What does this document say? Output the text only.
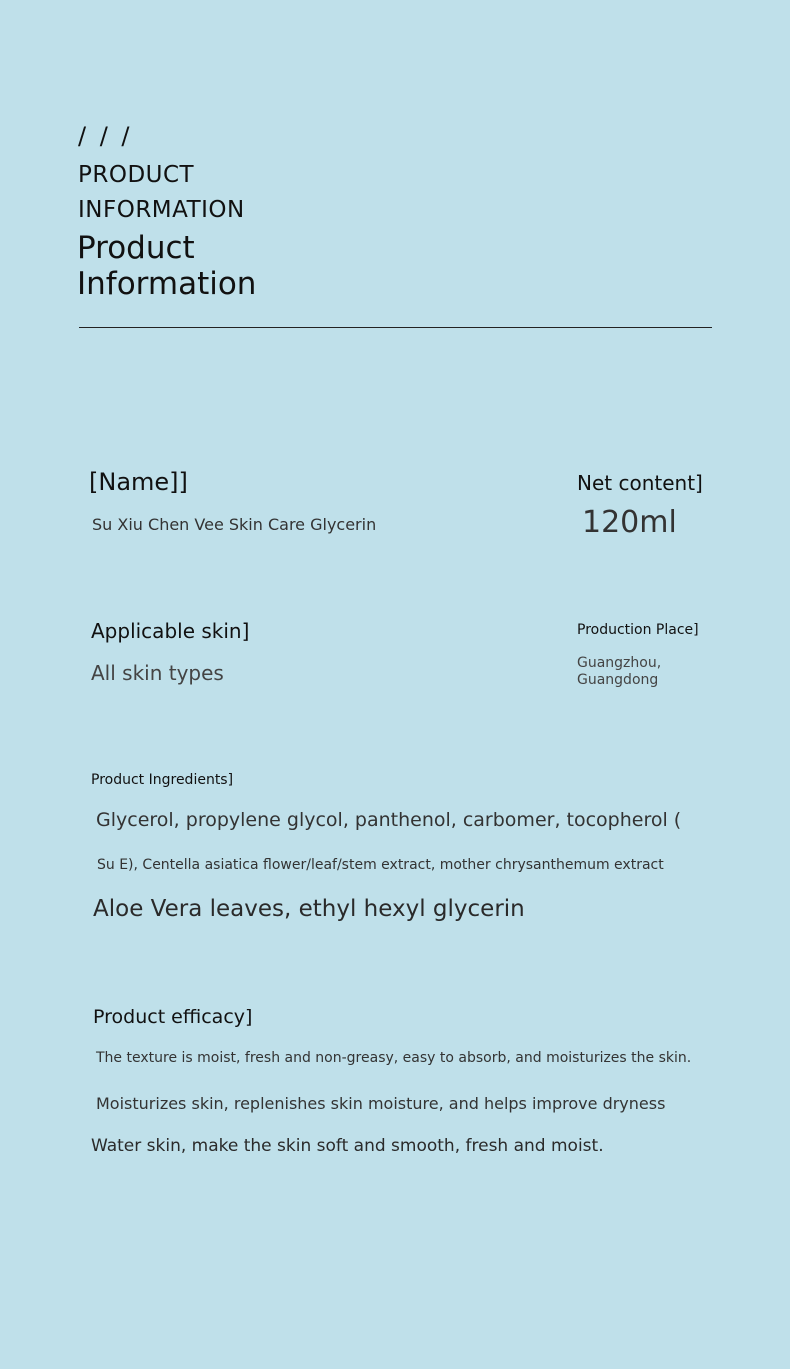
/ / /
PRODUCT
INFORMATION
Product
Information
[Name]]
Su Xiu Chen Vee Skin Care Glycerin
Net content]
120ml
Applicable skin]
All skin types
Production Place]
Guangzhou, Guangdong
Product Ingredients]
Glycerol, propylene glycol, panthenol, carbomer, tocopherol (
Su E), Centella asiatica flower/leaf/stem extract, mother chrysanthemum extract
Aloe Vera leaves, ethyl hexyl glycerin
Product efficacy]
The texture is moist, fresh and non-greasy, easy to absorb, and moisturizes the skin.
Moisturizes skin, replenishes skin moisture, and helps improve dryness
Water skin, make the skin soft and smooth, fresh and moist.
